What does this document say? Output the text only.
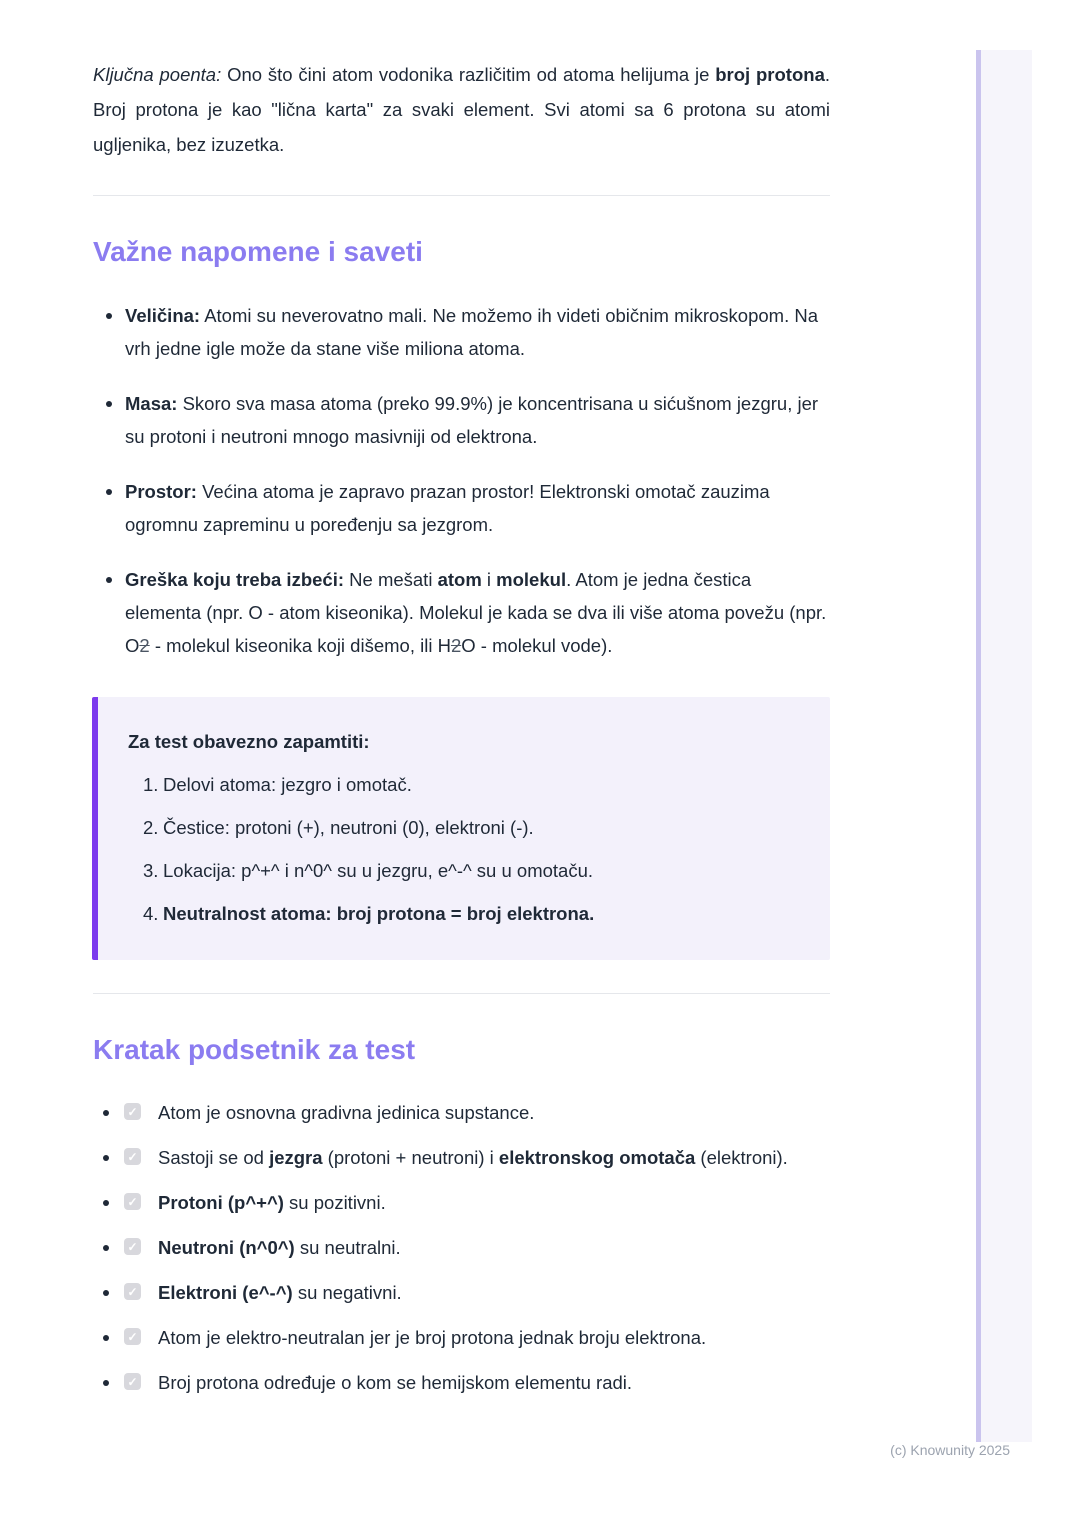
Ključna poenta: Ono što čini atom vodonika različitim od atoma helijuma je broj protona. Broj protona je kao "lična karta" za svaki element. Svi atomi sa 6 protona su atomi ugljenika, bez izuzetka.

Važne napomene i saveti
Veličina: Atomi su neverovatno mali. Ne možemo ih videti običnim mikroskopom. Na vrh jedne igle može da stane više miliona atoma.
Masa: Skoro sva masa atoma (preko 99.9%) je koncentrisana u sićušnom jezgru, jer su protoni i neutroni mnogo masivniji od elektrona.
Prostor: Većina atoma je zapravo prazan prostor! Elektronski omotač zauzima ogromnu zapreminu u poređenju sa jezgrom.
Greška koju treba izbeći: Ne mešati atom i molekul. Atom je jedna čestica elementa (npr. O - atom kiseonika). Molekul je kada se dva ili više atoma povežu (npr. O2 - molekul kiseonika koji dišemo, ili H2O - molekul vode).
Za test obavezno zapamtiti:
Delovi atoma: jezgro i omotač.
Čestice: protoni (+), neutroni (0), elektroni (-).
Lokacija: p^+^ i n^0^ su u jezgru, e^-^ su u omotaču.
Neutralnost atoma: broj protona = broj elektrona.
Kratak podsetnik za test
✓ Atom je osnovna gradivna jedinica supstance.
✓ Sastoji se od jezgra (protoni + neutroni) i elektronskog omotača (elektroni).
✓ Protoni (p^+^) su pozitivni.
✓ Neutroni (n^0^) su neutralni.
✓ Elektroni (e^-^) su negativni.
✓ Atom je elektro-neutralan jer je broj protona jednak broju elektrona.
✓ Broj protona određuje o kom se hemijskom elementu radi.
(c) Knowunity 2025
